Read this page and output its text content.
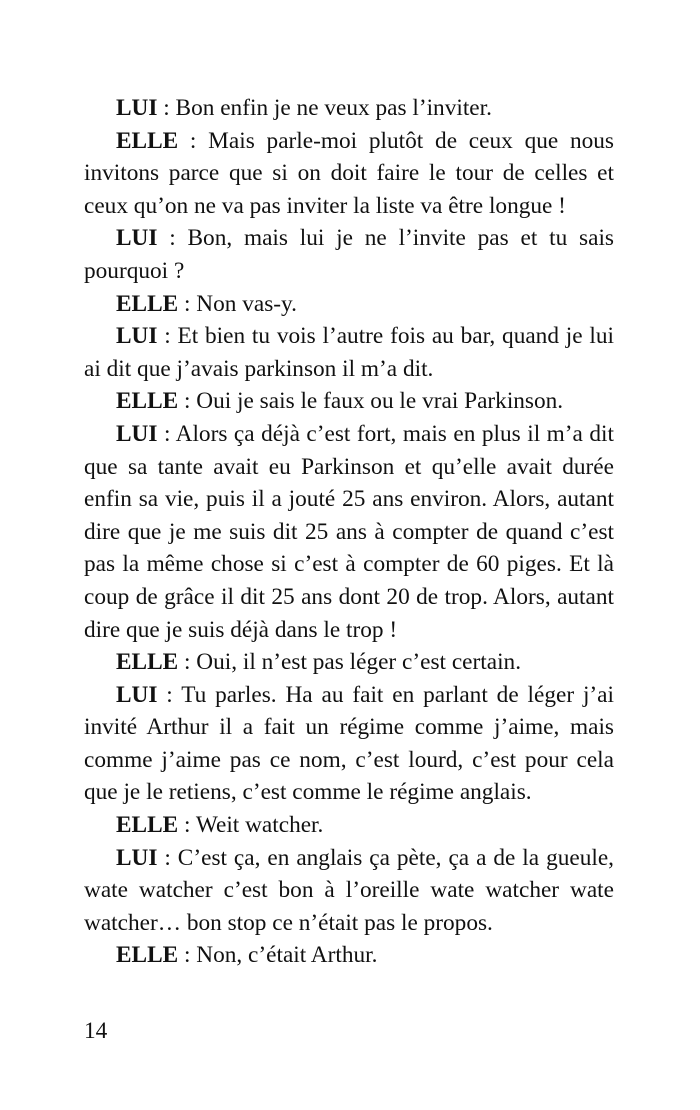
LUI : Bon enfin je ne veux pas l’inviter.

ELLE : Mais parle-moi plutôt de ceux que nous invitons parce que si on doit faire le tour de celles et ceux qu’on ne va pas inviter la liste va être longue !

LUI : Bon, mais lui je ne l’invite pas et tu sais pourquoi ?

ELLE : Non vas-y.

LUI : Et bien tu vois l’autre fois au bar, quand je lui ai dit que j’avais parkinson il m’a dit.

ELLE : Oui je sais le faux ou le vrai Parkinson.

LUI : Alors ça déjà c’est fort, mais en plus il m’a dit que sa tante avait eu Parkinson et qu’elle avait durée enfin sa vie, puis il a jouté 25 ans environ. Alors, autant dire que je me suis dit 25 ans à compter de quand c’est pas la même chose si c’est à compter de 60 piges. Et là coup de grâce il dit 25 ans dont 20 de trop. Alors, autant dire que je suis déjà dans le trop !

ELLE : Oui, il n’est pas léger c’est certain.

LUI : Tu parles. Ha au fait en parlant de léger j’ai invité Arthur il a fait un régime comme j’aime, mais comme j’aime pas ce nom, c’est lourd, c’est pour cela que je le retiens, c’est comme le régime anglais.

ELLE : Weit watcher.

LUI : C’est ça, en anglais ça pète, ça a de la gueule, wate watcher c’est bon à l’oreille wate watcher wate watcher… bon stop ce n’était pas le propos.

ELLE : Non, c’était Arthur.

14
